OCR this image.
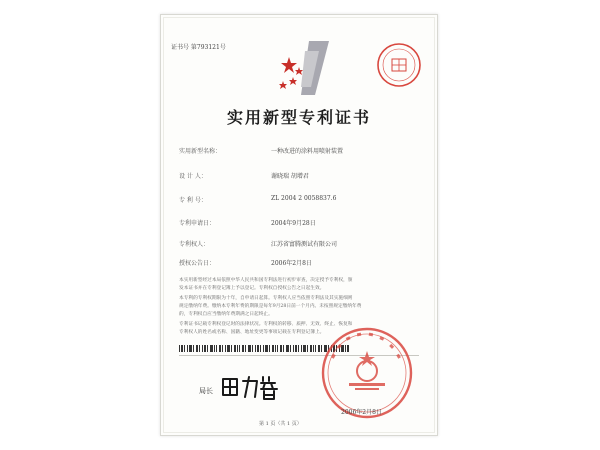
证书号 第793121号
实用新型专利证书
实用新型名称：	一种改进的涂料用喷射装置
设 计 人：	谢晓瑞 胡增君
专 利 号：	ZL 2004 2 0058837.6
专利申请日：	2004年9月28日
专利权人：	江苏省富腾测试有限公司
授权公告日：	2006年2月8日
本实用新型经过本局依照中华人民共和国专利法进行初步审查，决定授予专利权，颁
发本证书并在专利登记簿上予以登记。专利权自授权公告之日起生效。
本专利的专利权期限为十年，自申请日起算。专利权人应当依照专利法及其实施细则
规定缴纳年费。缴纳本专利年费的期限是每年9月28日前一个月内。未按照规定缴纳年费
的，专利权自应当缴纳年费期满之日起终止。
专利证书记载专利权登记时的法律状况。专利权的转移、质押、无效、终止、恢复和
专利权人的姓名或名称、国籍、地址变更等事项记载在专利登记簿上。
局长
2006年2月8日
第 1 页（共 1 页）
